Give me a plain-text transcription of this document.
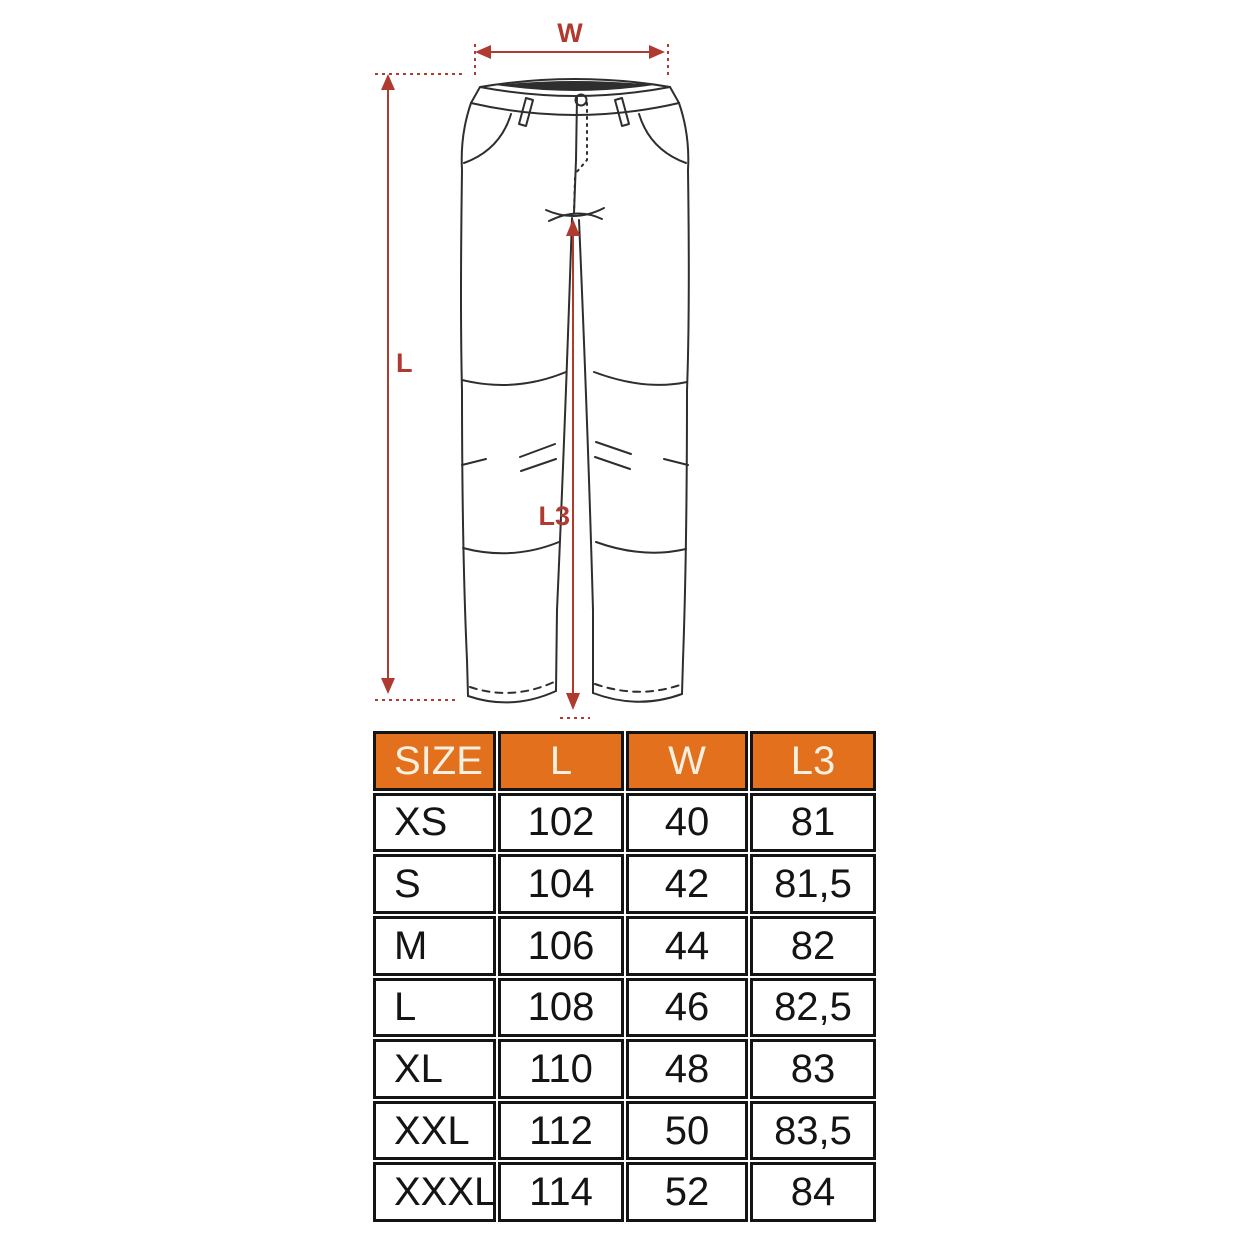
W
L
L3
SIZE	L	W	L3
XS	102	40	81
S	104	42	81,5
M	106	44	82
L	108	46	82,5
XL	110	48	83
XXL	112	50	83,5
XXXL 114	52	84
